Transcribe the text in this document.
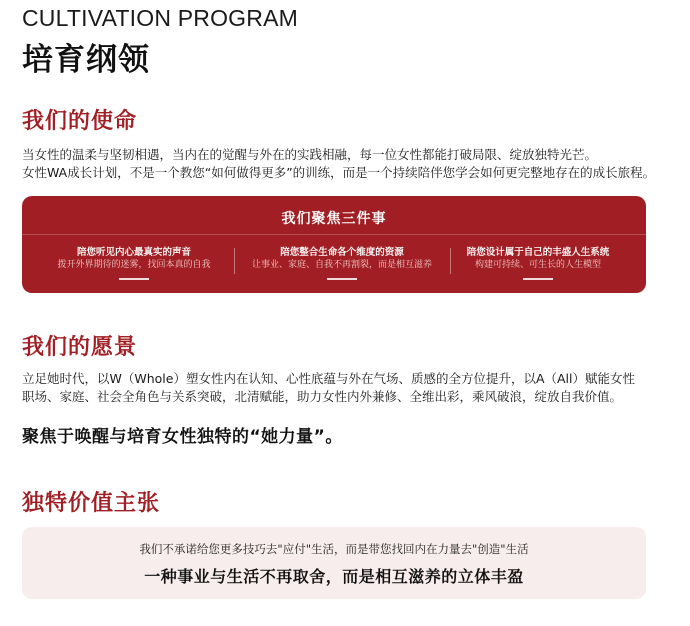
CULTIVATION PROGRAM
培育纲领
我们的使命
当女性的温柔与坚韧相遇，当内在的觉醒与外在的实践相融，每一位女性都能打破局限、绽放独特光芒。
女性WA成长计划，不是一个教您“如何做得更多”的训练，而是一个持续陪伴您学会如何更完整地存在的成长旅程。
我们聚焦三件事
陪您听见内心最真实的声音
拨开外界期待的迷雾，找回本真的自我
陪您整合生命各个维度的资源
让事业、家庭、自我不再割裂，而是相互滋养
陪您设计属于自己的丰盛人生系统
构建可持续、可生长的人生模型
我们的愿景
立足她时代，以W（Whole）塑女性内在认知、心性底蕴与外在气场、质感的全方位提升，以A（All）赋能女性
职场、家庭、社会全角色与关系突破，北清赋能，助力女性内外兼修、全维出彩，乘风破浪，绽放自我价值。
聚焦于唤醒与培育女性独特的“她力量”。
独特价值主张
我们不承诺给您更多技巧去"应付"生活，而是带您找回内在力量去"创造"生活
一种事业与生活不再取舍，而是相互滋养的立体丰盈
